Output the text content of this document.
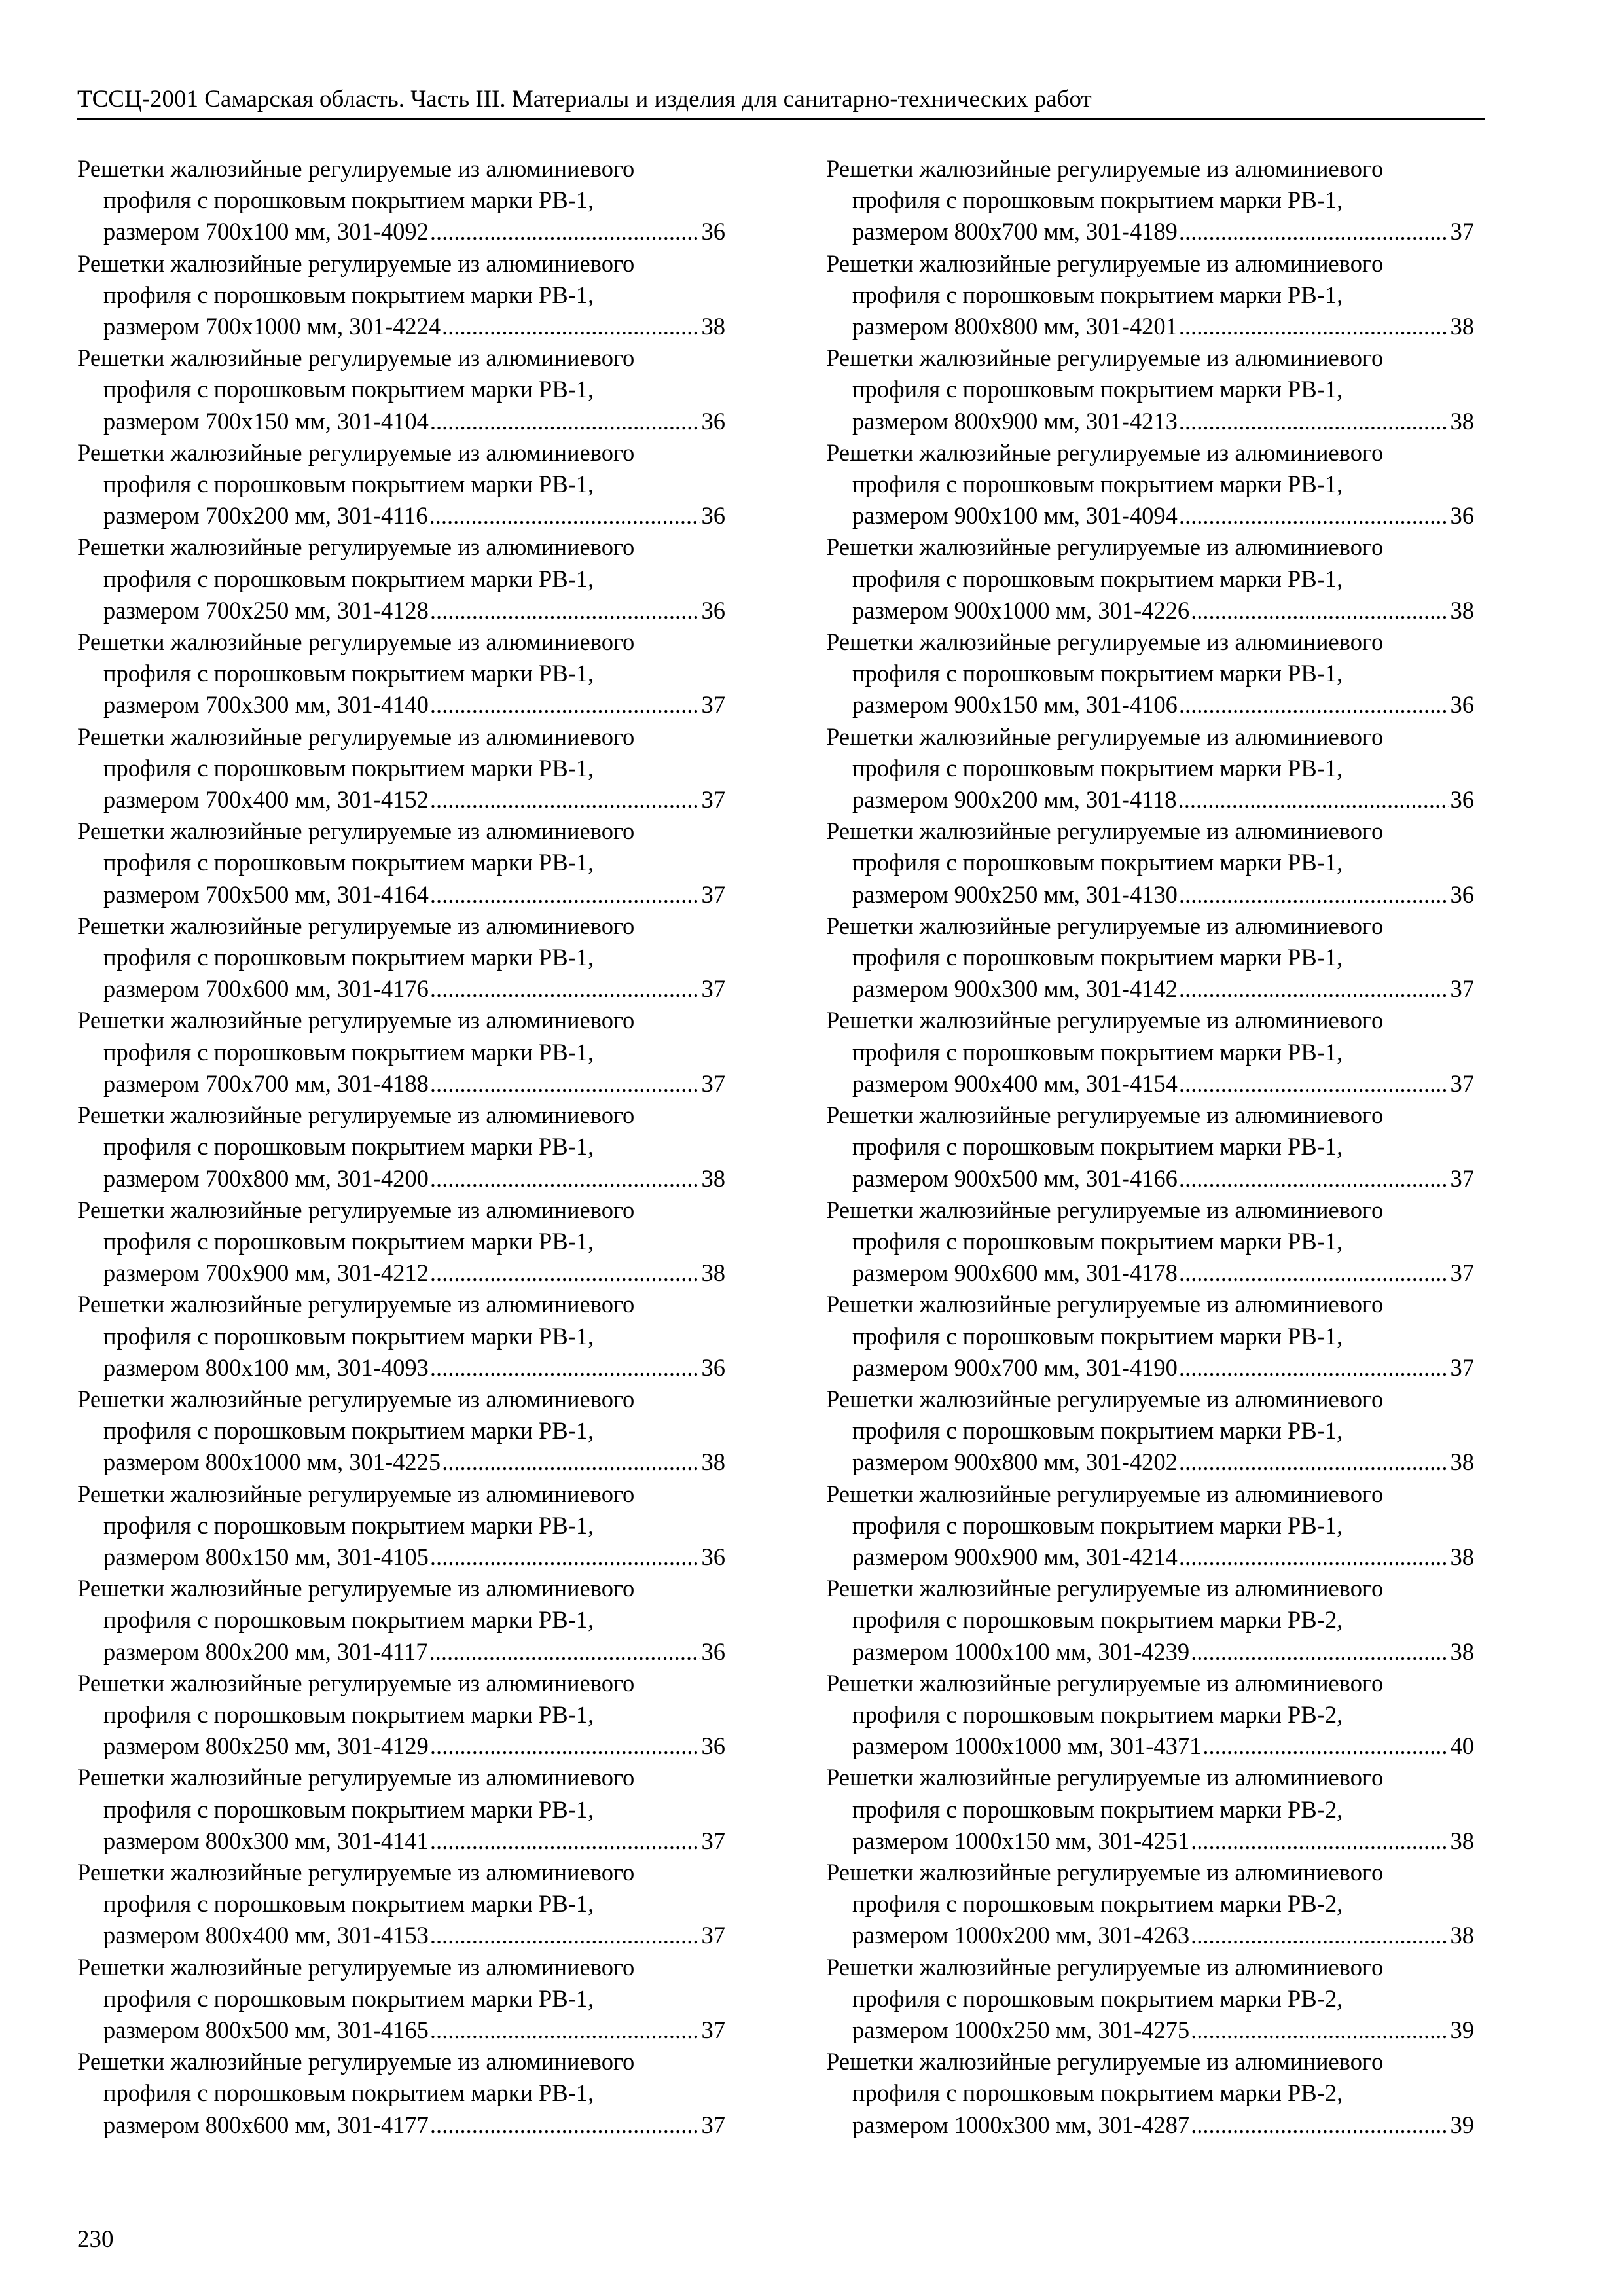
ТССЦ-2001 Самарская область. Часть III. Материалы и изделия для санитарно-технических работ
Решетки жалюзийные регулируемые из алюминиевого
профиля с порошковым покрытием марки РВ-1,
размером 700x100 мм, 301-4092 .....	36
Решетки жалюзийные регулируемые из алюминиевого
профиля с порошковым покрытием марки РВ-1,
размером 700x1000 мм, 301-4224 .....	38
Решетки жалюзийные регулируемые из алюминиевого
профиля с порошковым покрытием марки РВ-1,
размером 700x150 мм, 301-4104 .....	36
Решетки жалюзийные регулируемые из алюминиевого
профиля с порошковым покрытием марки РВ-1,
размером 700x200 мм, 301-4116 .....	36
Решетки жалюзийные регулируемые из алюминиевого
профиля с порошковым покрытием марки РВ-1,
размером 700x250 мм, 301-4128 .....	36
Решетки жалюзийные регулируемые из алюминиевого
профиля с порошковым покрытием марки РВ-1,
размером 700x300 мм, 301-4140 .....	37
Решетки жалюзийные регулируемые из алюминиевого
профиля с порошковым покрытием марки РВ-1,
размером 700x400 мм, 301-4152 .....	37
Решетки жалюзийные регулируемые из алюминиевого
профиля с порошковым покрытием марки РВ-1,
размером 700x500 мм, 301-4164 .....	37
Решетки жалюзийные регулируемые из алюминиевого
профиля с порошковым покрытием марки РВ-1,
размером 700x600 мм, 301-4176 .....	37
Решетки жалюзийные регулируемые из алюминиевого
профиля с порошковым покрытием марки РВ-1,
размером 700x700 мм, 301-4188 .....	37
Решетки жалюзийные регулируемые из алюминиевого
профиля с порошковым покрытием марки РВ-1,
размером 700x800 мм, 301-4200 .....	38
Решетки жалюзийные регулируемые из алюминиевого
профиля с порошковым покрытием марки РВ-1,
размером 700x900 мм, 301-4212 .....	38
Решетки жалюзийные регулируемые из алюминиевого
профиля с порошковым покрытием марки РВ-1,
размером 800x100 мм, 301-4093 .....	36
Решетки жалюзийные регулируемые из алюминиевого
профиля с порошковым покрытием марки РВ-1,
размером 800x1000 мм, 301-4225 .....	38
Решетки жалюзийные регулируемые из алюминиевого
профиля с порошковым покрытием марки РВ-1,
размером 800x150 мм, 301-4105 .....	36
Решетки жалюзийные регулируемые из алюминиевого
профиля с порошковым покрытием марки РВ-1,
размером 800x200 мм, 301-4117 .....	36
Решетки жалюзийные регулируемые из алюминиевого
профиля с порошковым покрытием марки РВ-1,
размером 800x250 мм, 301-4129 .....	36
Решетки жалюзийные регулируемые из алюминиевого
профиля с порошковым покрытием марки РВ-1,
размером 800x300 мм, 301-4141 .....	37
Решетки жалюзийные регулируемые из алюминиевого
профиля с порошковым покрытием марки РВ-1,
размером 800x400 мм, 301-4153 .....	37
Решетки жалюзийные регулируемые из алюминиевого
профиля с порошковым покрытием марки РВ-1,
размером 800x500 мм, 301-4165 .....	37
Решетки жалюзийные регулируемые из алюминиевого
профиля с порошковым покрытием марки РВ-1,
размером 800x600 мм, 301-4177 .....	37
Решетки жалюзийные регулируемые из алюминиевого
профиля с порошковым покрытием марки РВ-1,
размером 800x700 мм, 301-4189 .....	37
Решетки жалюзийные регулируемые из алюминиевого
профиля с порошковым покрытием марки РВ-1,
размером 800x800 мм, 301-4201 .....	38
Решетки жалюзийные регулируемые из алюминиевого
профиля с порошковым покрытием марки РВ-1,
размером 800x900 мм, 301-4213 .....	38
Решетки жалюзийные регулируемые из алюминиевого
профиля с порошковым покрытием марки РВ-1,
размером 900x100 мм, 301-4094 .....	36
Решетки жалюзийные регулируемые из алюминиевого
профиля с порошковым покрытием марки РВ-1,
размером 900x1000 мм, 301-4226 .....	38
Решетки жалюзийные регулируемые из алюминиевого
профиля с порошковым покрытием марки РВ-1,
размером 900x150 мм, 301-4106 .....	36
Решетки жалюзийные регулируемые из алюминиевого
профиля с порошковым покрытием марки РВ-1,
размером 900x200 мм, 301-4118 .....	36
Решетки жалюзийные регулируемые из алюминиевого
профиля с порошковым покрытием марки РВ-1,
размером 900x250 мм, 301-4130 .....	36
Решетки жалюзийные регулируемые из алюминиевого
профиля с порошковым покрытием марки РВ-1,
размером 900x300 мм, 301-4142 .....	37
Решетки жалюзийные регулируемые из алюминиевого
профиля с порошковым покрытием марки РВ-1,
размером 900x400 мм, 301-4154 .....	37
Решетки жалюзийные регулируемые из алюминиевого
профиля с порошковым покрытием марки РВ-1,
размером 900x500 мм, 301-4166 .....	37
Решетки жалюзийные регулируемые из алюминиевого
профиля с порошковым покрытием марки РВ-1,
размером 900x600 мм, 301-4178 .....	37
Решетки жалюзийные регулируемые из алюминиевого
профиля с порошковым покрытием марки РВ-1,
размером 900x700 мм, 301-4190 .....	37
Решетки жалюзийные регулируемые из алюминиевого
профиля с порошковым покрытием марки РВ-1,
размером 900x800 мм, 301-4202 .....	38
Решетки жалюзийные регулируемые из алюминиевого
профиля с порошковым покрытием марки РВ-1,
размером 900x900 мм, 301-4214 .....	38
Решетки жалюзийные регулируемые из алюминиевого
профиля с порошковым покрытием марки РВ-2,
размером 1000x100 мм, 301-4239 .....	38
Решетки жалюзийные регулируемые из алюминиевого
профиля с порошковым покрытием марки РВ-2,
размером 1000x1000 мм, 301-4371 .....	40
Решетки жалюзийные регулируемые из алюминиевого
профиля с порошковым покрытием марки РВ-2,
размером 1000x150 мм, 301-4251 .....	38
Решетки жалюзийные регулируемые из алюминиевого
профиля с порошковым покрытием марки РВ-2,
размером 1000x200 мм, 301-4263 .....	38
Решетки жалюзийные регулируемые из алюминиевого
профиля с порошковым покрытием марки РВ-2,
размером 1000x250 мм, 301-4275 .....	39
Решетки жалюзийные регулируемые из алюминиевого
профиля с порошковым покрытием марки РВ-2,
размером 1000x300 мм, 301-4287 .....	39
230
